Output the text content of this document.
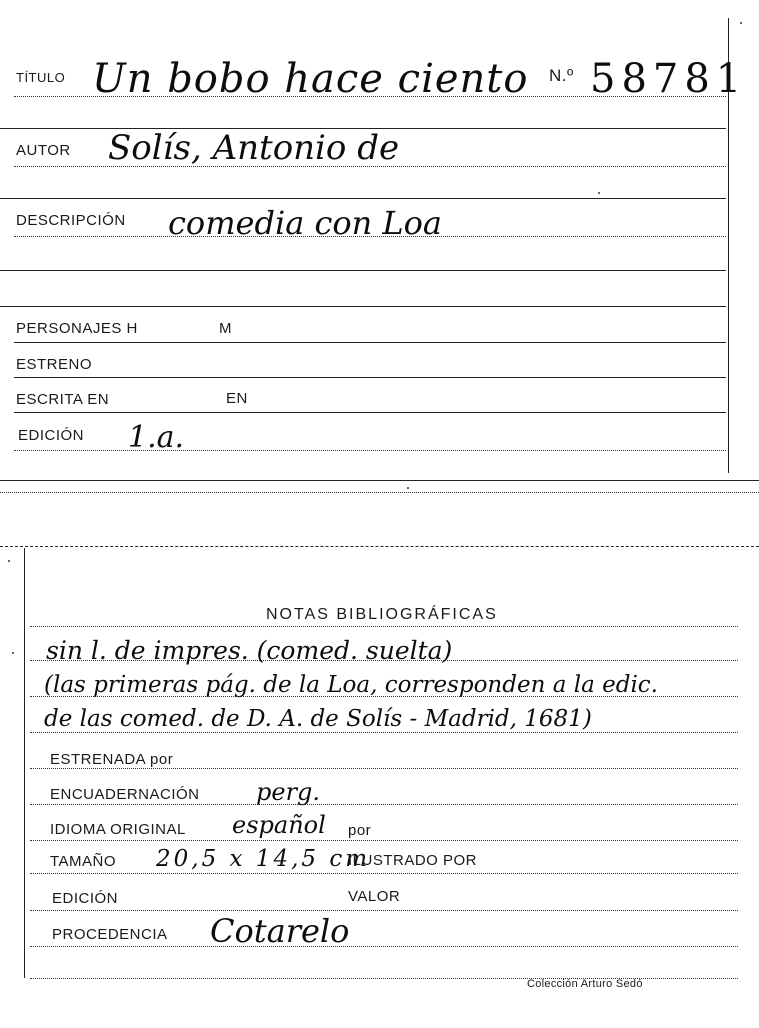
TÍTULO Un bobo hace ciento N.º 58781
AUTOR Solís, Antonio de
DESCRIPCIÓN comedia con Loa
PERSONAJES H	M
ESTRENO
ESCRITA EN	EN
EDICIÓN 1.a.
NOTAS BIBLIOGRÁFICAS
sin l. de impres. (comed. suelta)
(las primeras pág. de la Loa, corresponden a la edic.
de las comed. de D. A. de Solís - Madrid, 1681)
ESTRENADA por
ENCUADERNACIÓN perg.
IDIOMA ORIGINAL español por
TAMAÑO 20,5 x 14,5 cm
ILUSTRADO POR
EDICIÓN	VALOR
PROCEDENCIA Cotarelo
Colección Arturo Sedó
